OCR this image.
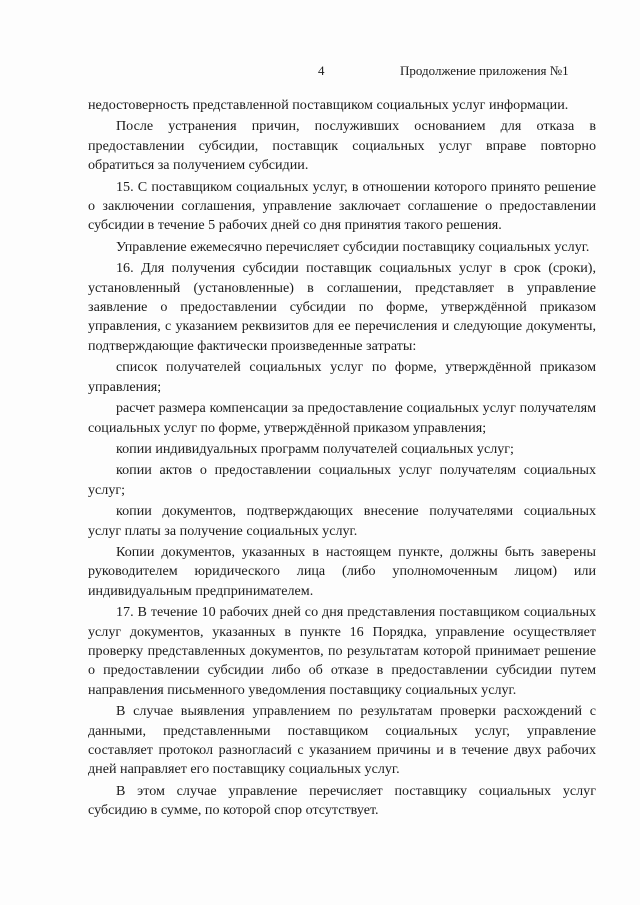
4	Продолжение приложения №1

недостоверность представленной поставщиком социальных услуг информации.

После устранения причин, послуживших основанием для отказа в предоставлении субсидии, поставщик социальных услуг вправе повторно обратиться за получением субсидии.

15. С поставщиком социальных услуг, в отношении которого принято решение о заключении соглашения, управление заключает соглашение о предоставлении субсидии в течение 5 рабочих дней со дня принятия такого решения.

Управление ежемесячно перечисляет субсидии поставщику социальных услуг.

16. Для получения субсидии поставщик социальных услуг в срок (сроки), установленный (установленные) в соглашении, представляет в управление заявление о предоставлении субсидии по форме, утверждённой приказом управления, с указанием реквизитов для ее перечисления и следующие документы, подтверждающие фактически произведенные затраты:

список получателей социальных услуг по форме, утверждённой приказом управления;

расчет размера компенсации за предоставление социальных услуг получателям социальных услуг по форме, утверждённой приказом управления;

копии индивидуальных программ получателей социальных услуг;

копии актов о предоставлении социальных услуг получателям социальных услуг;

копии документов, подтверждающих внесение получателями социальных услуг платы за получение социальных услуг.

Копии документов, указанных в настоящем пункте, должны быть заверены руководителем юридического лица (либо уполномоченным лицом) или индивидуальным предпринимателем.

17. В течение 10 рабочих дней со дня представления поставщиком социальных услуг документов, указанных в пункте 16 Порядка, управление осуществляет проверку представленных документов, по результатам которой принимает решение о предоставлении субсидии либо об отказе в предоставлении субсидии путем направления письменного уведомления поставщику социальных услуг.

В случае выявления управлением по результатам проверки расхождений с данными, представленными поставщиком социальных услуг, управление составляет протокол разногласий с указанием причины и в течение двух рабочих дней направляет его поставщику социальных услуг.

В этом случае управление перечисляет поставщику социальных услуг субсидию в сумме, по которой спор отсутствует.
